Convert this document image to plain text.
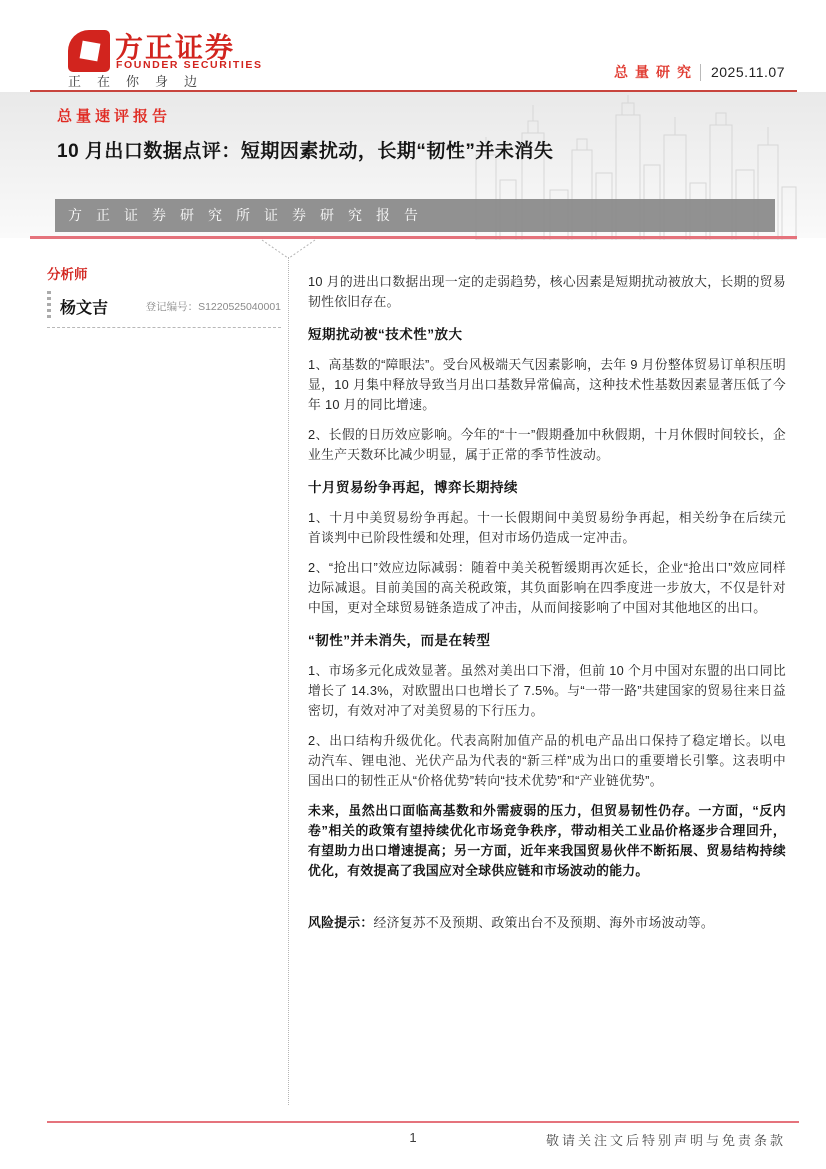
方正证券
FOUNDER SECURITIES
正在你身边
总量研究 2025.11.07
总量速评报告
10 月出口数据点评：短期因素扰动，长期“韧性”并未消失
方正证券研究所证券研究报告
分析师
杨文吉	登记编号：S1220525040001

10 月的进出口数据出现一定的走弱趋势，核心因素是短期扰动被放大，长期的贸易韧性依旧存在。

短期扰动被“技术性”放大

1、高基数的“障眼法”。受台风极端天气因素影响，去年 9 月份整体贸易订单积压明显，10 月集中释放导致当月出口基数异常偏高，这种技术性基数因素显著压低了今年 10 月的同比增速。

2、长假的日历效应影响。今年的“十一”假期叠加中秋假期，十月休假时间较长，企业生产天数环比减少明显，属于正常的季节性波动。

十月贸易纷争再起，博弈长期持续

1、十月中美贸易纷争再起。十一长假期间中美贸易纷争再起，相关纷争在后续元首谈判中已阶段性缓和处理，但对市场仍造成一定冲击。

2、“抢出口”效应边际减弱：随着中美关税暂缓期再次延长，企业“抢出口”效应同样边际减退。目前美国的高关税政策，其负面影响在四季度进一步放大，不仅是针对中国，更对全球贸易链条造成了冲击，从而间接影响了中国对其他地区的出口。

“韧性”并未消失，而是在转型

1、市场多元化成效显著。虽然对美出口下滑，但前 10 个月中国对东盟的出口同比增长了 14.3%，对欧盟出口也增长了 7.5%。与“一带一路”共建国家的贸易往来日益密切，有效对冲了对美贸易的下行压力。

2、出口结构升级优化。代表高附加值产品的机电产品出口保持了稳定增长。以电动汽车、锂电池、光伏产品为代表的“新三样”成为出口的重要增长引擎。这表明中国出口的韧性正从“价格优势”转向“技术优势”和“产业链优势”。

未来，虽然出口面临高基数和外需疲弱的压力，但贸易韧性仍存。一方面，“反内卷”相关的政策有望持续优化市场竞争秩序，带动相关工业品价格逐步合理回升，有望助力出口增速提高；另一方面，近年来我国贸易伙伴不断拓展、贸易结构持续优化，有效提高了我国应对全球供应链和市场波动的能力。

风险提示：经济复苏不及预期、政策出台不及预期、海外市场波动等。

1	敬请关注文后特别声明与免责条款
